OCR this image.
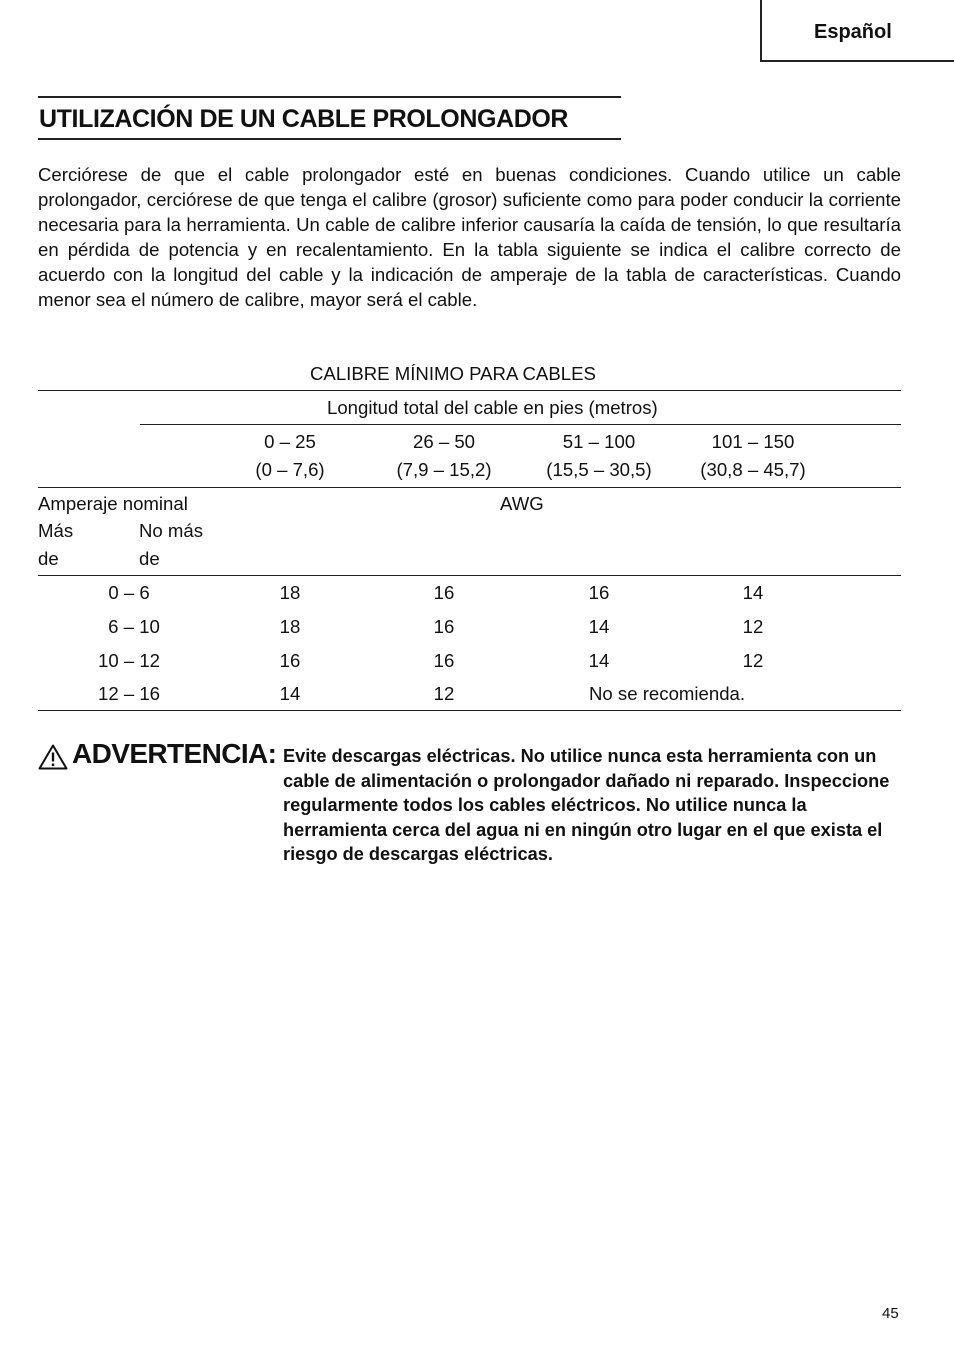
Español
UTILIZACIÓN DE UN CABLE PROLONGADOR

Cerciórese de que el cable prolongador esté en buenas condiciones. Cuando utilice un cable prolongador, cerciórese de que tenga el calibre (grosor) suficiente como para poder conducir la corriente necesaria para la herramienta. Un cable de calibre inferior causaría la caída de tensión, lo que resultaría en pérdida de potencia y en recalentamiento. En la tabla siguiente se indica el calibre correcto de acuerdo con la longitud del cable y la indicación de amperaje de la tabla de características. Cuando menor sea el número de calibre, mayor será el cable.

CALIBRE MÍNIMO PARA CABLES
Longitud total del cable en pies (metros)
0 – 25	26 – 50	51 – 100	101 – 150
(0 – 7,6)	(7,9 – 15,2)	(15,5 – 30,5)	(30,8 – 45,7)
Amperaje nominal	AWG
Más	No más
de	de
0 – 6	18	16	16	14
6 – 10	18	16	14	12
10 – 12	16	16	14	12
12 – 16	14	12	No se recomienda.
ADVERTENCIA: Evite descargas eléctricas. No utilice nunca esta herramienta con un cable de alimentación o prolongador dañado ni reparado. Inspeccione regularmente todos los cables eléctricos. No utilice nunca la herramienta cerca del agua ni en ningún otro lugar en el que exista el riesgo de descargas eléctricas.

45
